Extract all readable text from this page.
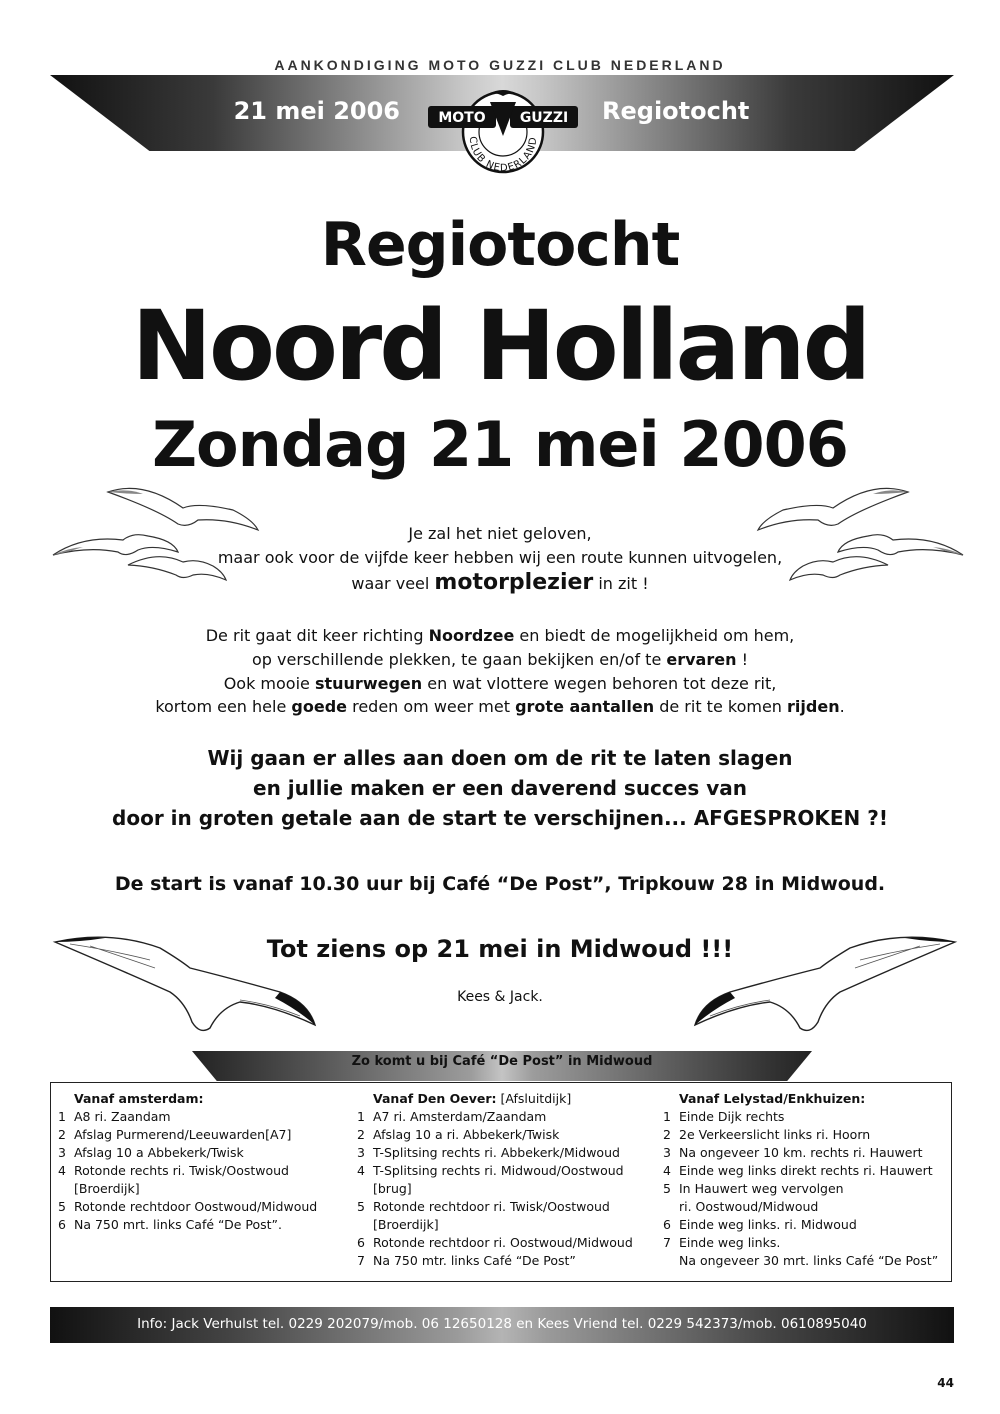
AANKONDIGING MOTO GUZZI CLUB NEDERLAND
21 mei 2006	Regiotocht
MOTO GUZZI
CLUB NEDERLAND
Regiotocht
Noord Holland
Zondag 21 mei 2006
Je zal het niet geloven,
maar ook voor de vijfde keer hebben wij een route kunnen uitvogelen,
waar veel motorplezier in zit !
De rit gaat dit keer richting Noordzee en biedt de mogelijkheid om hem,
op verschillende plekken, te gaan bekijken en/of te ervaren !
Ook mooie stuurwegen en wat vlottere wegen behoren tot deze rit,
kortom een hele goede reden om weer met grote aantallen de rit te komen rijden.
Wij gaan er alles aan doen om de rit te laten slagen
en jullie maken er een daverend succes van
door in groten getale aan de start te verschijnen... AFGESPROKEN ?!
De start is vanaf 10.30 uur bij Café “De Post”, Tripkouw 28 in Midwoud.
Tot ziens op 21 mei in Midwoud !!!
Kees & Jack.
Zo komt u bij Café “De Post” in Midwoud
Vanaf amsterdam:
1 A8 ri. Zaandam
2 Afslag Purmerend/Leeuwarden[A7]
3 Afslag 10 a Abbekerk/Twisk
4 Rotonde rechts ri. Twisk/Oostwoud
[Broerdijk]
5 Rotonde rechtdoor Oostwoud/Midwoud
6 Na 750 mrt. links Café “De Post”.
Vanaf Den Oever: [Afsluitdijk]
1 A7 ri. Amsterdam/Zaandam
2 Afslag 10 a ri. Abbekerk/Twisk
3 T-Splitsing rechts ri. Abbekerk/Midwoud
4 T-Splitsing rechts ri. Midwoud/Oostwoud
[brug]
5 Rotonde rechtdoor ri. Twisk/Oostwoud
[Broerdijk]
6 Rotonde rechtdoor ri. Oostwoud/Midwoud
7 Na 750 mtr. links Café “De Post”
Vanaf Lelystad/Enkhuizen:
1 Einde Dijk rechts
2 2e Verkeerslicht links ri. Hoorn
3 Na ongeveer 10 km. rechts ri. Hauwert
4 Einde weg links direkt rechts ri. Hauwert
5 In Hauwert weg vervolgen
ri. Oostwoud/Midwoud
6 Einde weg links. ri. Midwoud
7 Einde weg links.
Na ongeveer 30 mrt. links Café “De Post”
Info: Jack Verhulst tel. 0229 202079/mob. 06 12650128 en Kees Vriend tel. 0229 542373/mob. 0610895040
44
